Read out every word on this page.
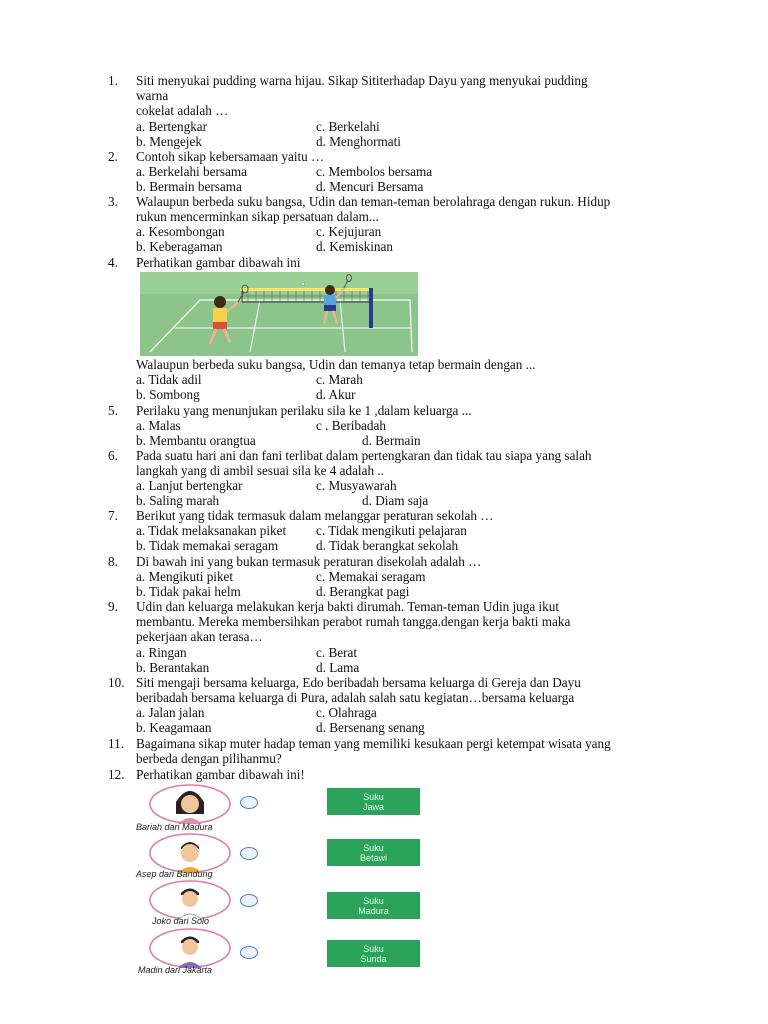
1.	Siti menyukai pudding warna hijau. Sikap Sititerhadap Dayu yang menyukai pudding
warna
cokelat adalah …
a. Bertengkar	c. Berkelahi
b. Mengejek	d. Menghormati
2.	Contoh sikap kebersamaan yaitu …
a. Berkelahi bersama	c. Membolos bersama
b. Bermain bersama	d. Mencuri Bersama
3.	Walaupun berbeda suku bangsa, Udin dan teman-teman berolahraga dengan rukun. Hidup
rukun mencerminkan sikap persatuan dalam...
a. Kesombongan	c. Kejujuran
b. Keberagaman	d. Kemiskinan
4.	Perhatikan gambar dibawah ini
Walaupun berbeda suku bangsa, Udin dan temanya tetap bermain dengan ...
a. Tidak adil	c. Marah
b. Sombong	d. Akur
5.	Perilaku yang menunjukan perilaku sila ke 1 ,dalam keluarga ...
a. Malas	c . Beribadah
b. Membantu orangtua	d. Bermain
6.	Pada suatu hari ani dan fani terlibat dalam pertengkaran dan tidak tau siapa yang salah
langkah yang di ambil sesuai sila ke 4 adalah ..
a. Lanjut bertengkar	c. Musyawarah
b. Saling marah	d. Diam saja
7.	Berikut yang tidak termasuk dalam melanggar peraturan sekolah …
a. Tidak melaksanakan piket c. Tidak mengikuti pelajaran
b. Tidak memakai seragam	d. Tidak berangkat sekolah
8.	Di bawah ini yang bukan termasuk peraturan disekolah adalah …
a. Mengikuti piket	c. Memakai seragam
b. Tidak pakai helm	d. Berangkat pagi
9.	Udin dan keluarga melakukan kerja bakti dirumah. Teman-teman Udin juga ikut
membantu. Mereka membersihkan perabot rumah tangga.dengan kerja bakti maka
pekerjaan akan terasa…
a. Ringan	c. Berat
b. Berantakan	d. Lama
10. Siti mengaji bersama keluarga, Edo beribadah bersama keluarga di Gereja dan Dayu
beribadah bersama keluarga di Pura, adalah salah satu kegiatan…bersama keluarga
a. Jalan jalan	c. Olahraga
b. Keagamaan	d. Bersenang senang
11. Bagaimana sikap muter hadap teman yang memiliki kesukaan pergi ketempat wisata yang
berbeda dengan pilihanmu?
12. Perhatikan gambar dibawah ini!
Bariah dari Madura
Suku
Jawa
Asep dari Bandung
Suku
Betawi
Joko dari Solo
Suku
Madura
Madin dari Jakarta
Suku
Sunda
